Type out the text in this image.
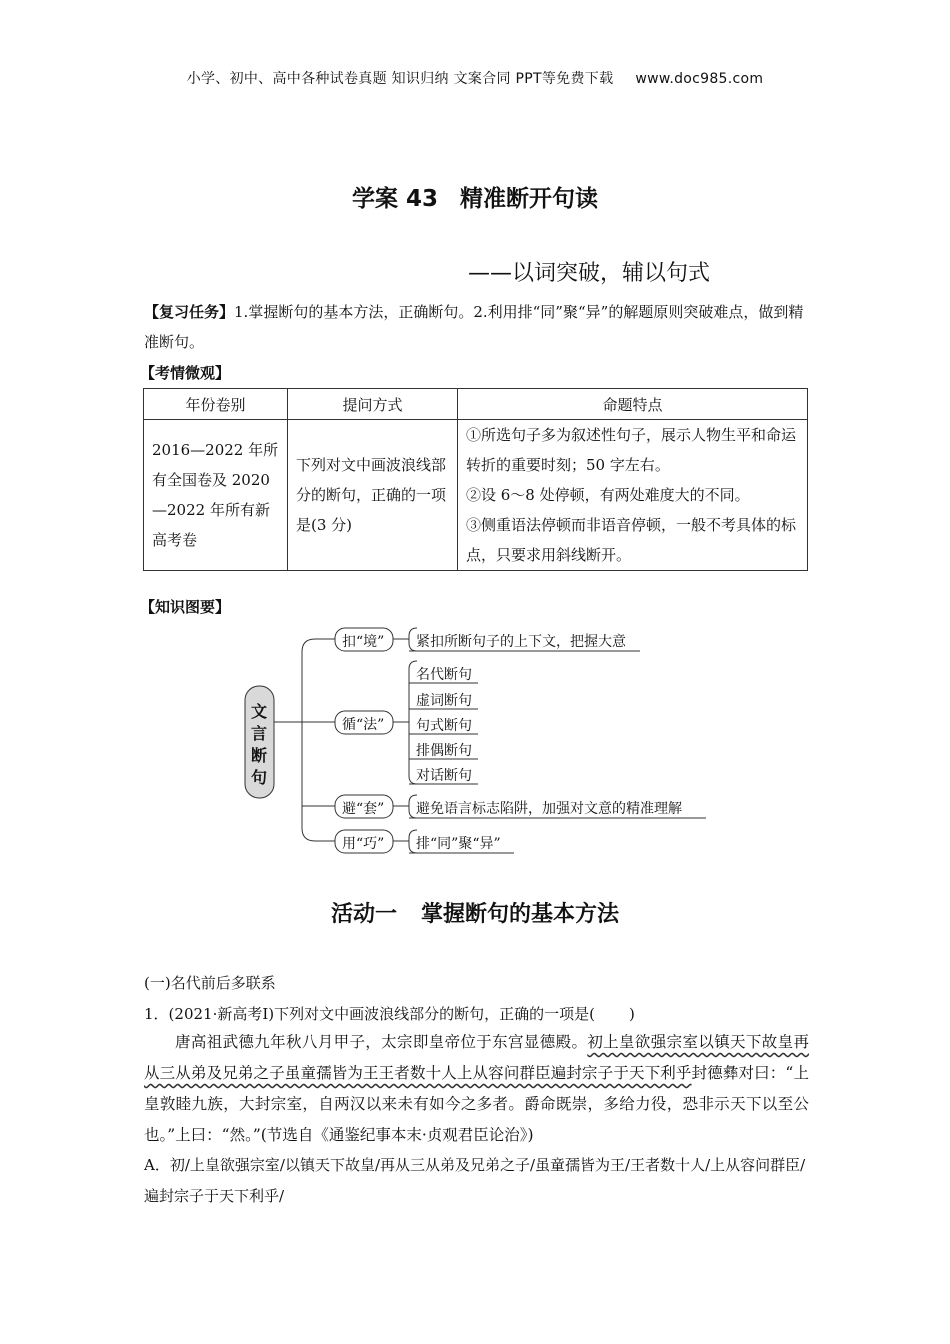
小学、初中、高中各种试卷真题 知识归纳 文案合同 PPT等免费下载 www.doc985.com
学案 43 精准断开句读
——以词突破，辅以句式
【复习任务】1.掌握断句的基本方法，正确断句。2.利用排“同”聚“异”的解题原则突破难点，做到精准断句。
【考情微观】
年份卷别	提问方式	命题特点
2016—2022 年所有全国卷及 2020—2022 年所有新高考卷	下列对文中画波浪线部分的断句，正确的一项是(3 分)	①所选句子多为叙述性句子，展示人物生平和命运转折的重要时刻；50 字左右。
②设 6～8 处停顿，有两处难度大的不同。
③侧重语法停顿而非语音停顿，一般不考具体的标点，只要求用斜线断开。
【知识图要】
文
言
断
句
扣“境”
循“法”
避“套”
用“巧”
紧扣所断句子的上下文，把握大意
名代断句
虚词断句
句式断句
排偶断句
对话断句
避免语言标志陷阱，加强对文意的精准理解
排“同”聚“异”
活动一 掌握断句的基本方法
(一)名代前后多联系
1．(2021·新高考Ⅰ)下列对文中画波浪线部分的断句，正确的一项是( )
唐高祖武德九年秋八月甲子，太宗即皇帝位于东宫显德殿。初上皇欲强宗室以镇天下故皇再从三从弟及兄弟之子虽童孺皆为王王者数十人上从容问群臣遍封宗子于天下利乎封德彝对曰：“上皇敦睦九族，大封宗室，自两汉以来未有如今之多者。爵命既崇，多给力役，恐非示天下以至公也。”上曰：“然。”(节选自《通鉴纪事本末·贞观君臣论治》)
A．初/上皇欲强宗室/以镇天下故皇/再从三从弟及兄弟之子/虽童孺皆为王/王者数十人/上从容问群臣/遍封宗子于天下利乎/
